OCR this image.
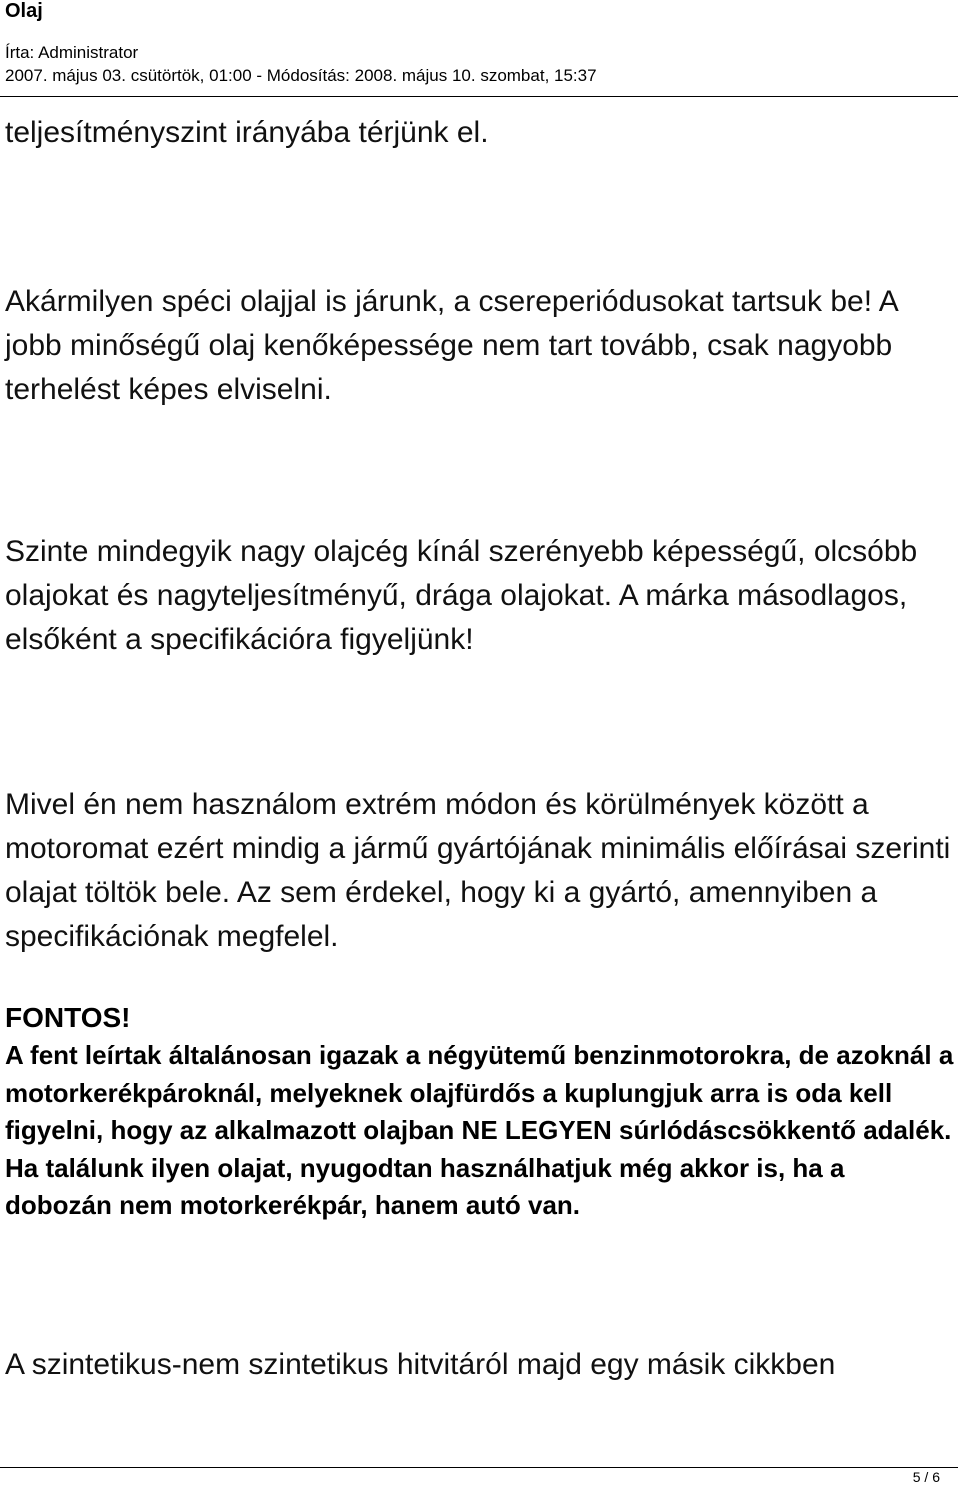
Olaj
Írta: Administrator
2007. május 03. csütörtök, 01:00 - Módosítás: 2008. május 10. szombat, 15:37

teljesítményszint irányába térjünk el.

Akármilyen spéci olajjal is járunk, a csereperiódusokat tartsuk be! A jobb minőségű olaj kenőképessége nem tart tovább, csak nagyobb terhelést képes elviselni.

Szinte mindegyik nagy olajcég kínál szerényebb képességű, olcsóbb olajokat és nagyteljesítményű, drága olajokat. A márka másodlagos, elsőként a specifikációra figyeljünk!

Mivel én nem használom extrém módon és körülmények között a motoromat ezért mindig a jármű gyártójának minimális előírásai szerinti olajat töltök bele. Az sem érdekel, hogy ki a gyártó, amennyiben a specifikációnak megfelel.

FONTOS!

A fent leírtak általánosan igazak a négyütemű benzinmotorokra, de azoknál a motorkerékpároknál, melyeknek olajfürdős a kuplungjuk arra is oda kell figyelni, hogy az alkalmazott olajban NE LEGYEN súrlódáscsökkentő adalék. Ha találunk ilyen olajat, nyugodtan használhatjuk még akkor is, ha a dobozán nem motorkerékpár, hanem autó van.

A szintetikus-nem szintetikus hitvitáról majd egy másik cikkben

5 / 6
